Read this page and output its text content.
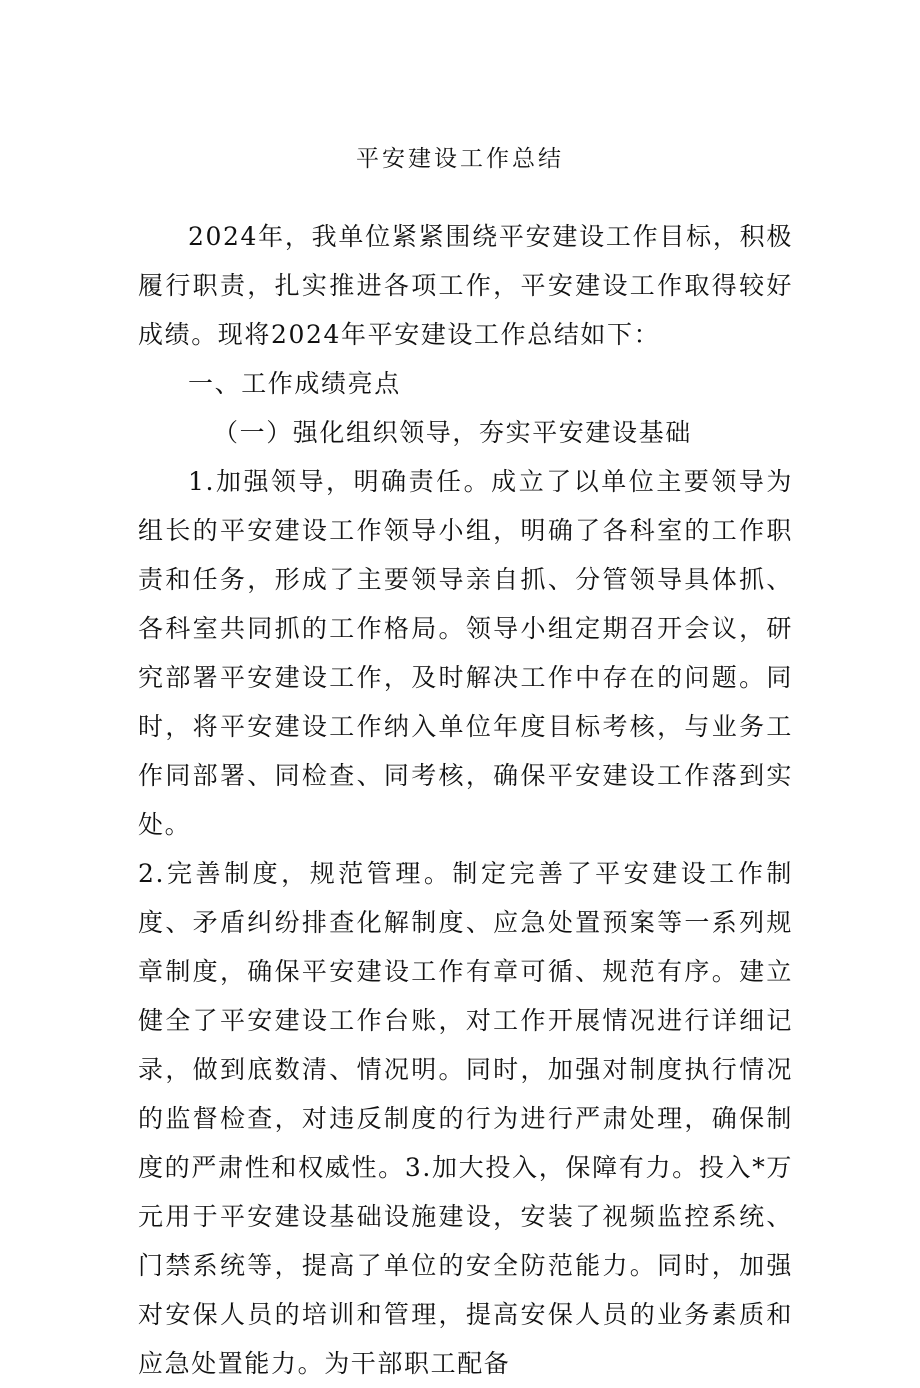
平安建设工作总结

2024年，我单位紧紧围绕平安建设工作目标，积极履行职责，扎实推进各项工作，平安建设工作取得较好成绩。现将2024年平安建设工作总结如下：

一、工作成绩亮点

（一）强化组织领导，夯实平安建设基础

1.加强领导，明确责任。成立了以单位主要领导为组长的平安建设工作领导小组，明确了各科室的工作职责和任务，形成了主要领导亲自抓、分管领导具体抓、各科室共同抓的工作格局。领导小组定期召开会议，研究部署平安建设工作，及时解决工作中存在的问题。同时，将平安建设工作纳入单位年度目标考核，与业务工作同部署、同检查、同考核，确保平安建设工作落到实处。

2.完善制度，规范管理。制定完善了平安建设工作制度、矛盾纠纷排查化解制度、应急处置预案等一系列规章制度，确保平安建设工作有章可循、规范有序。建立健全了平安建设工作台账，对工作开展情况进行详细记录，做到底数清、情况明。同时，加强对制度执行情况的监督检查，对违反制度的行为进行严肃处理，确保制度的严肃性和权威性。3.加大投入，保障有力。投入*万元用于平安建设基础设施建设，安装了视频监控系统、门禁系统等，提高了单位的安全防范能力。同时，加强对安保人员的培训和管理，提高安保人员的业务素质和应急处置能力。为干部职工配备
